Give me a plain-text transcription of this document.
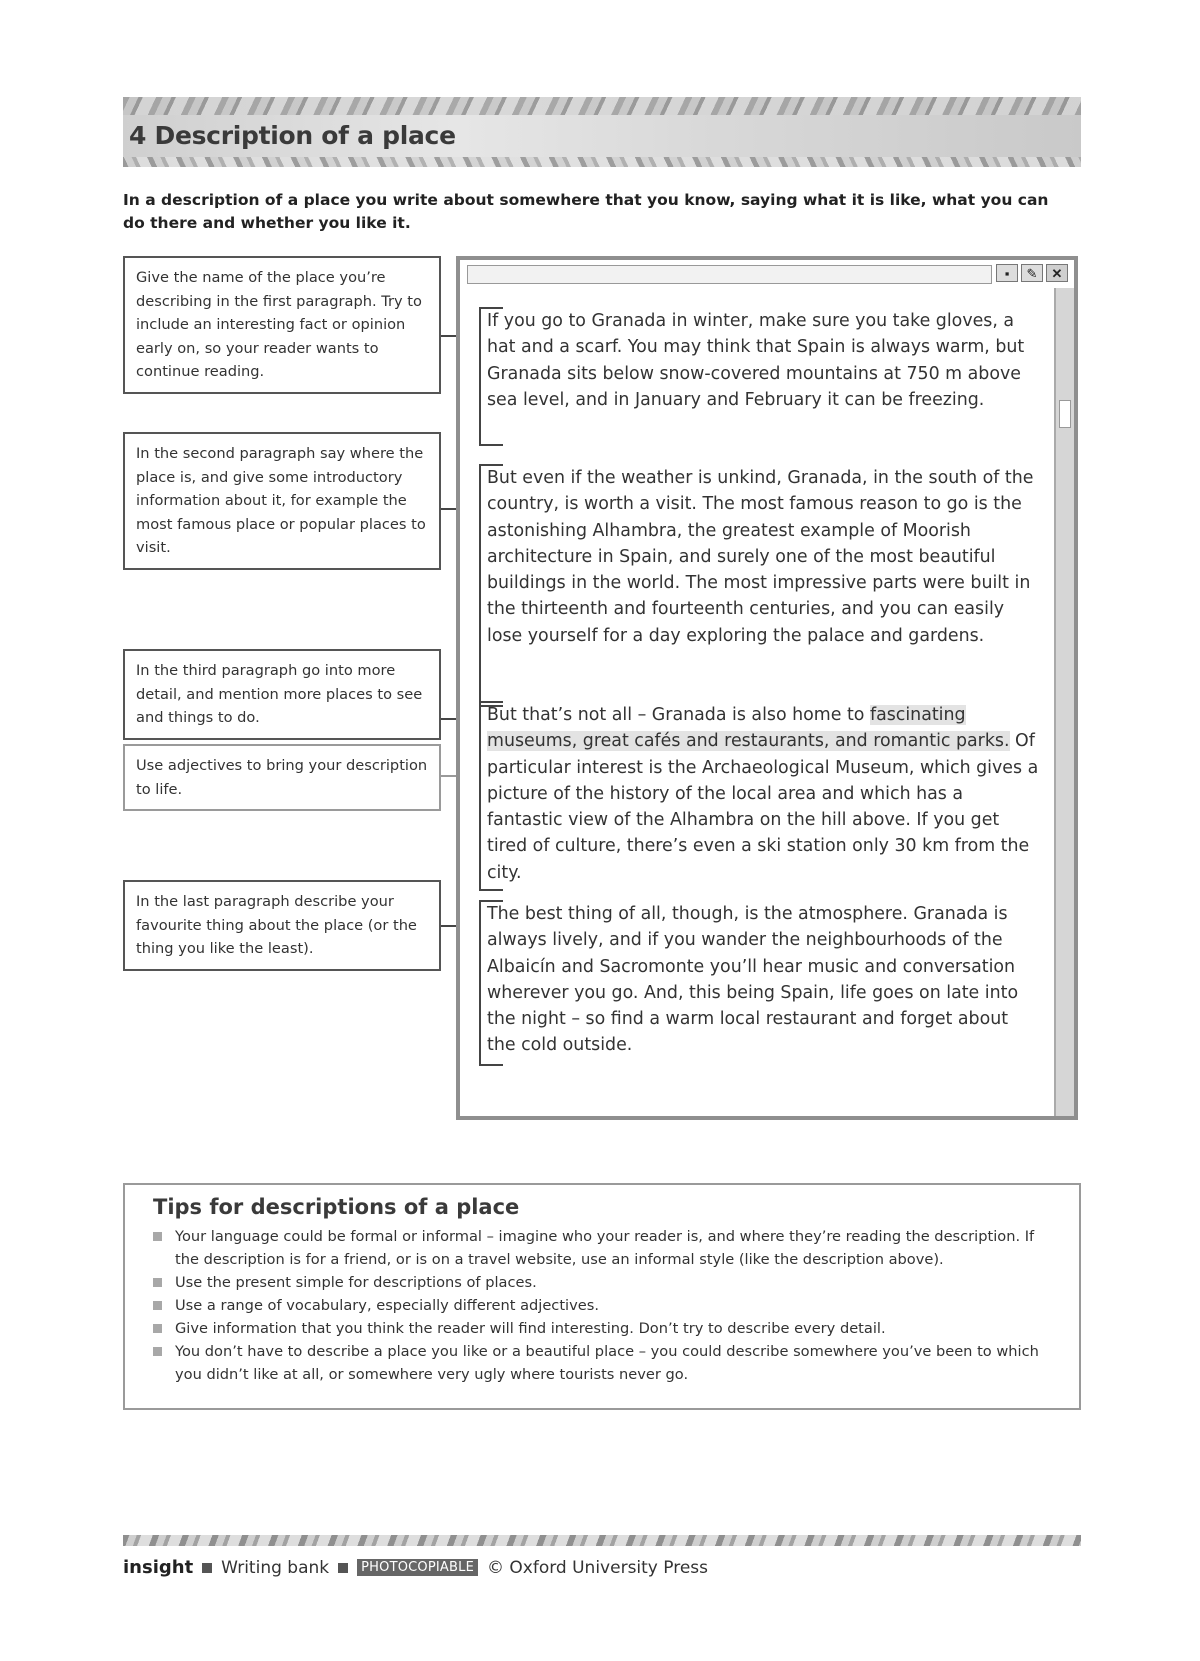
4 Description of a place

In a description of a place you write about somewhere that you know, saying what it is like, what you can do there and whether you like it.

Give the name of the place you’re describing in the first paragraph. Try to include an interesting fact or opinion early on, so your reader wants to continue reading.
In the second paragraph say where the place is, and give some introductory information about it, for example the most famous place or popular places to visit.
In the third paragraph go into more detail, and mention more places to see and things to do.
Use adjectives to bring your description to life.
In the last paragraph describe your favourite thing about the place (or the thing you like the least).
▪	✎	✕

If you go to Granada in winter, make sure you take gloves, a hat and a scarf. You may think that Spain is always warm, but Granada sits below snow-covered mountains at 750 m above sea level, and in January and February it can be freezing.

But even if the weather is unkind, Granada, in the south of the country, is worth a visit. The most famous reason to go is the astonishing Alhambra, the greatest example of Moorish architecture in Spain, and surely one of the most beautiful buildings in the world. The most impressive parts were built in the thirteenth and fourteenth centuries, and you can easily lose yourself for a day exploring the palace and gardens.

But that’s not all – Granada is also home to fascinating museums, great cafés and restaurants, and romantic parks. Of particular interest is the Archaeological Museum, which gives a picture of the history of the local area and which has a fantastic view of the Alhambra on the hill above. If you get tired of culture, there’s even a ski station only 30 km from the city.

The best thing of all, though, is the atmosphere. Granada is always lively, and if you wander the neighbourhoods of the Albaicín and Sacromonte you’ll hear music and conversation wherever you go. And, this being Spain, life goes on late into the night – so find a warm local restaurant and forget about the cold outside.

Tips for descriptions of a place
Your language could be formal or informal – imagine who your reader is, and where they’re reading the description. If the description is for a friend, or is on a travel website, use an informal style (like the description above).
Use the present simple for descriptions of places.
Use a range of vocabulary, especially different adjectives.
Give information that you think the reader will find interesting. Don’t try to describe every detail.
You don’t have to describe a place you like or a beautiful place – you could describe somewhere you’ve been to which you didn’t like at all, or somewhere very ugly where tourists never go.
insight Writing bank	PHOTOCOPIABLE © Oxford University Press
